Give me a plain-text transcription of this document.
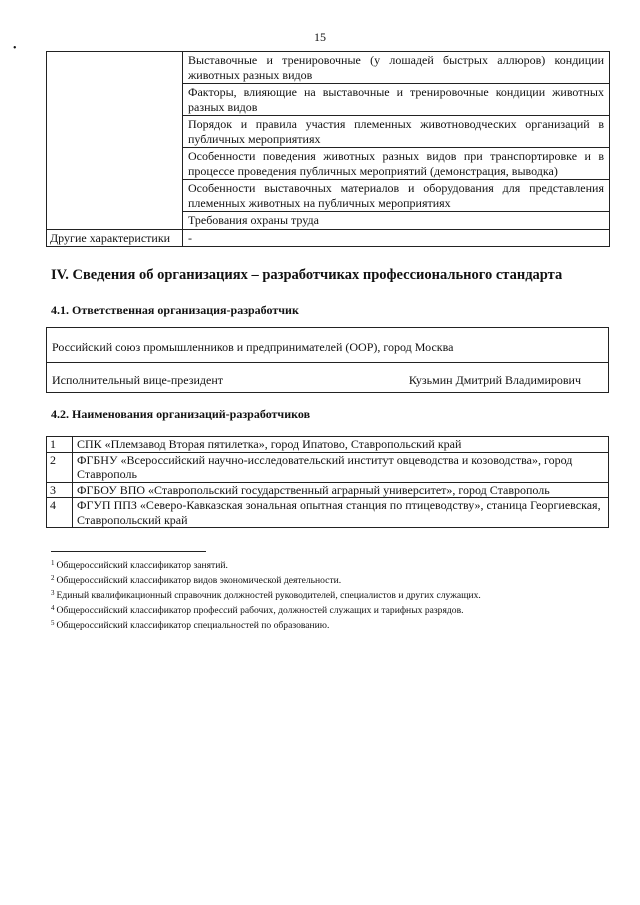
15
•
	Выставочные и тренировочные (у лошадей быстрых аллюров) кондиции животных разных видов
	Факторы, влияющие на выставочные и тренировочные кондиции животных разных видов
	Порядок и правила участия племенных животноводческих организаций в публичных мероприятиях
	Особенности поведения животных разных видов при транспортировке и в процессе проведения публичных мероприятий (демонстрация, выводка)
	Особенности выставочных материалов и оборудования для представления племенных животных на публичных мероприятиях
	Требования охраны труда
Другие характеристики	-
IV. Сведения об организациях – разработчиках профессионального стандарта
4.1. Ответственная организация-разработчик
Российский союз промышленников и предпринимателей (ООР), город Москва
Исполнительный вице-президент	Кузьмин Дмитрий Владимирович
4.2. Наименования организаций-разработчиков
1	СПК «Племзавод Вторая пятилетка», город Ипатово, Ставропольский край
2	ФГБНУ «Всероссийский научно-исследовательский институт овцеводства и козоводства», город Ставрополь
3	ФГБОУ ВПО «Ставропольский государственный аграрный университет», город Ставрополь
4	ФГУП ППЗ «Северо-Кавказская зональная опытная станция по птицеводству», станица Георгиевская, Ставропольский край
$^1$ Общероссийский классификатор занятий.
$^2$ Общероссийский классификатор видов экономической деятельности.
$^3$ Единый квалификационный справочник должностей руководителей, специалистов и других служащих.
$^4$ Общероссийский классификатор профессий рабочих, должностей служащих и тарифных разрядов.
$^5$ Общероссийский классификатор специальностей по образованию.
